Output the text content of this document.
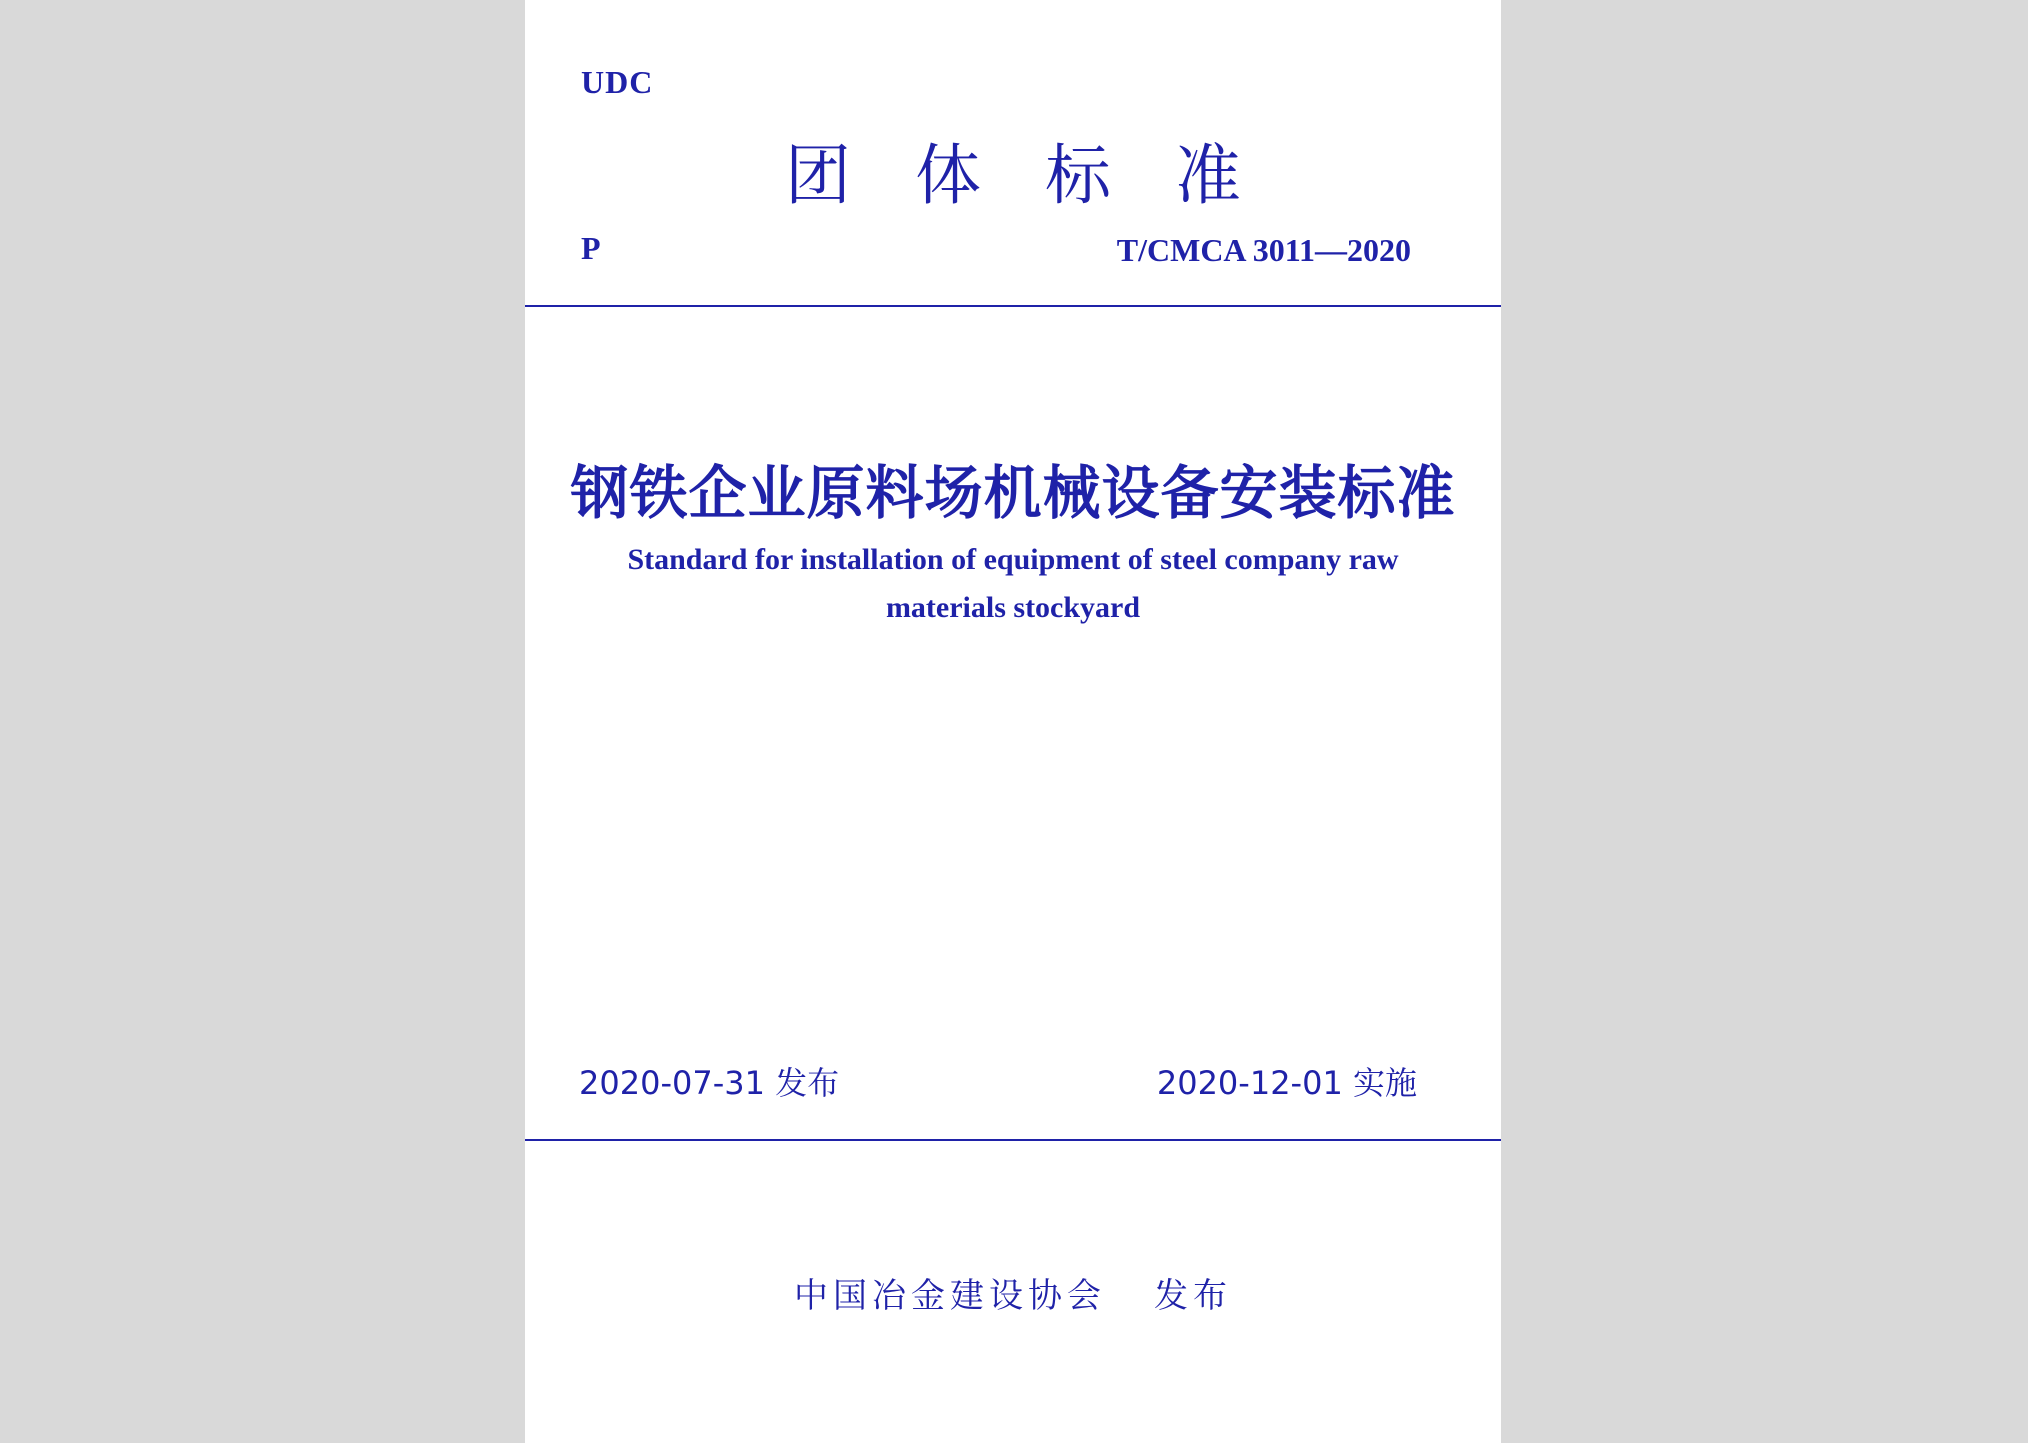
UDC
团体标准
P	T/CMCA 3011—2020
钢铁企业原料场机械设备安装标准
Standard for installation of equipment of steel company raw materials stockyard
2020-07-31 发布	2020-12-01 实施
中国冶金建设协会 发布
